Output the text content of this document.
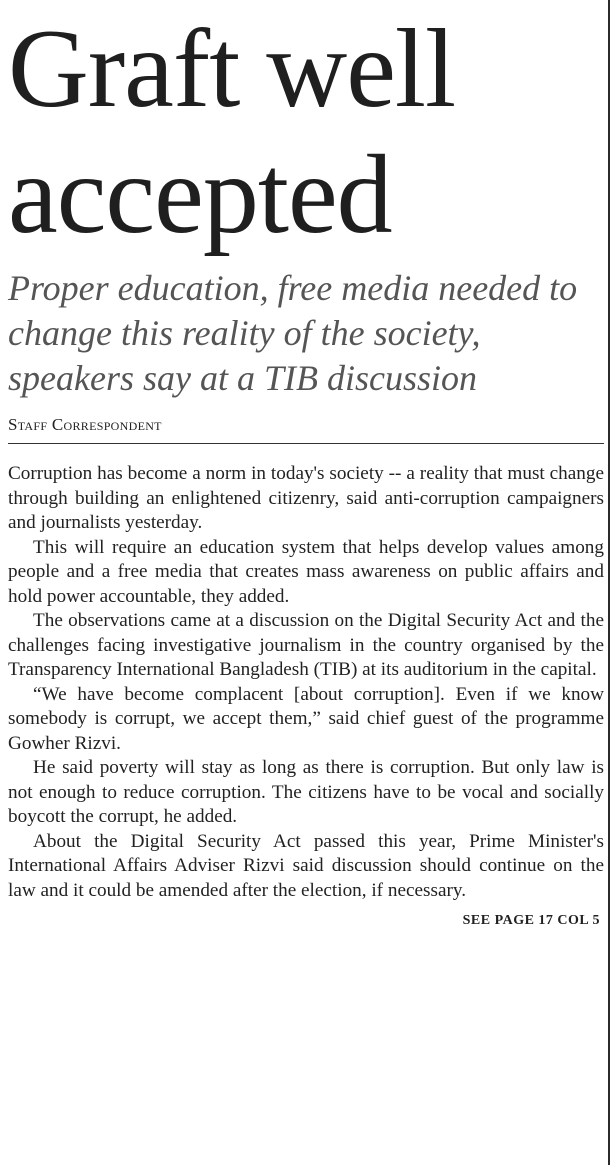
Graft well
accepted
Proper education, free media needed to change this reality of the society, speakers say at a TIB discussion
Staff Correspondent

Corruption has become a norm in today's society -- a reality that must change through building an enlightened citizenry, said anti-corruption campaigners and journalists yesterday.

This will require an education system that helps develop values among people and a free media that creates mass awareness on public affairs and hold power accountable, they added.

The observations came at a discussion on the Digital Security Act and the challenges facing investigative journalism in the country organised by the Transparency International Bangladesh (TIB) at its auditorium in the capital.

“We have become complacent [about corruption]. Even if we know somebody is corrupt, we accept them,” said chief guest of the programme Gowher Rizvi.

He said poverty will stay as long as there is corruption. But only law is not enough to reduce corruption. The citizens have to be vocal and socially boycott the corrupt, he added.

About the Digital Security Act passed this year, Prime Minister's International Affairs Adviser Rizvi said discussion should continue on the law and it could be amended after the election, if necessary.

SEE PAGE 17 COL 5
